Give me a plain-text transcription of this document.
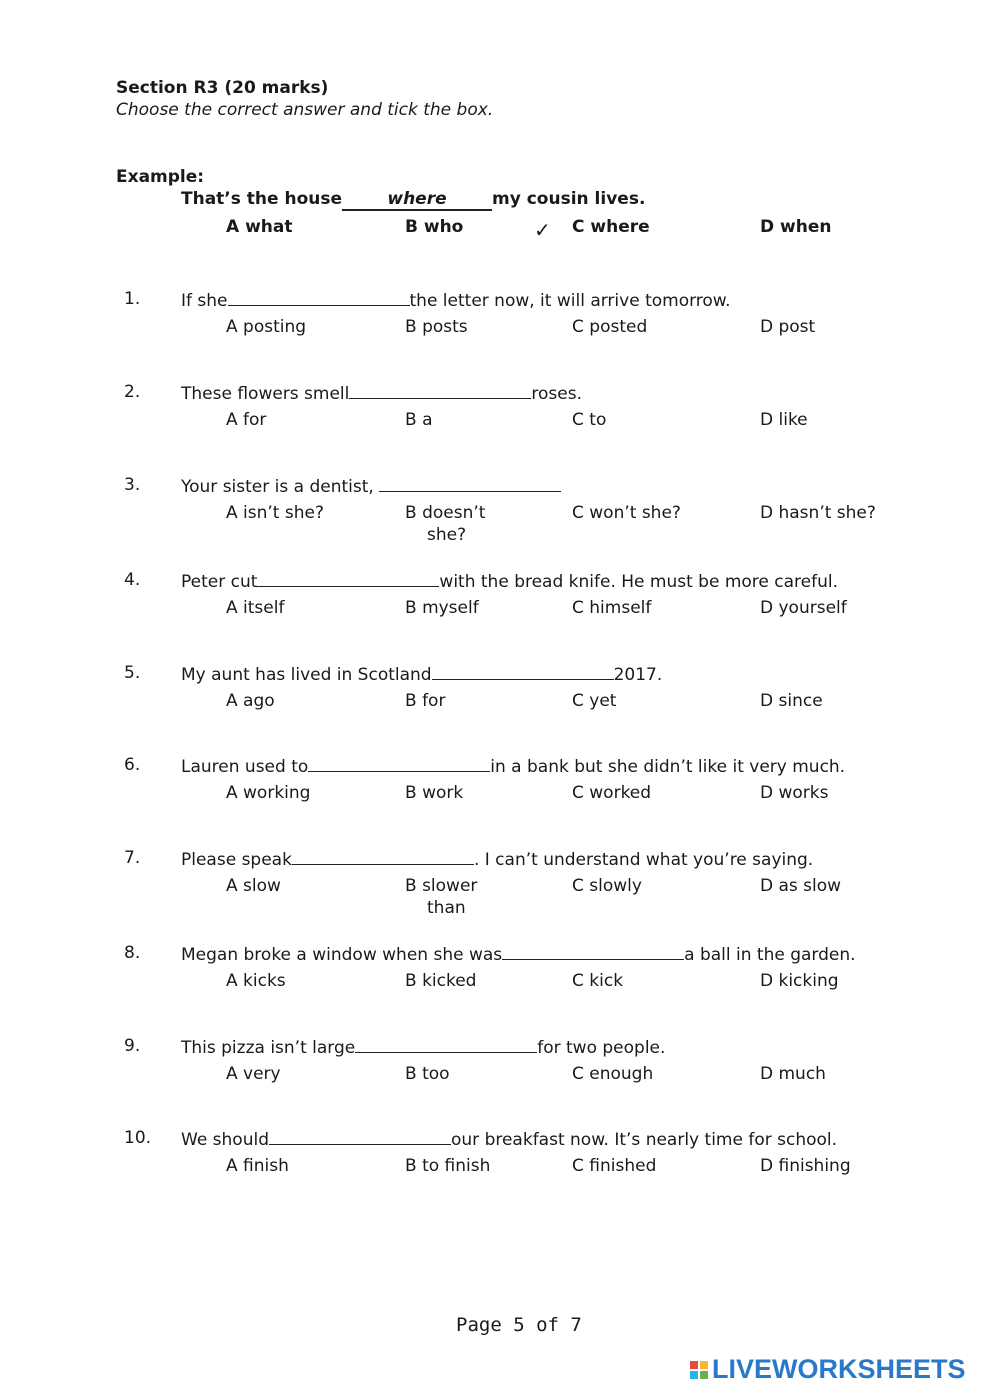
Section R3 (20 marks)
Choose the correct answer and tick the box.
Example:
That’s the house	where	my cousin lives.
A what	B who	✓ C where	D when
1. If she	the letter now, it will arrive tomorrow.
A posting	B posts	C posted	D post
2. These flowers smell	roses.
A for	B a	C to	D like
3. Your sister is a dentist,
A isn’t she?	B doesn’t
she?
C won’t she?	D hasn’t she?
4. Peter cut	with the bread knife. He must be more careful.
A itself	B myself	C himself	D yourself
5. My aunt has lived in Scotland	2017.
A ago	B for	C yet	D since
6. Lauren used to	in a bank but she didn’t like it very much.
A working	B work	C worked	D works
7. Please speak	. I can’t understand what you’re saying.
A slow	B slower
than
C slowly	D as slow
8. Megan broke a window when she was	a ball in the garden.
A kicks	B kicked	C kick	D kicking
9. This pizza isn’t large	for two people.
A very	B too	C enough	D much
10. We should	our breakfast now. It’s nearly time for school.
A finish	B to finish	C finished	D finishing
Page 5 of 7
LIVEWORKSHEETS
